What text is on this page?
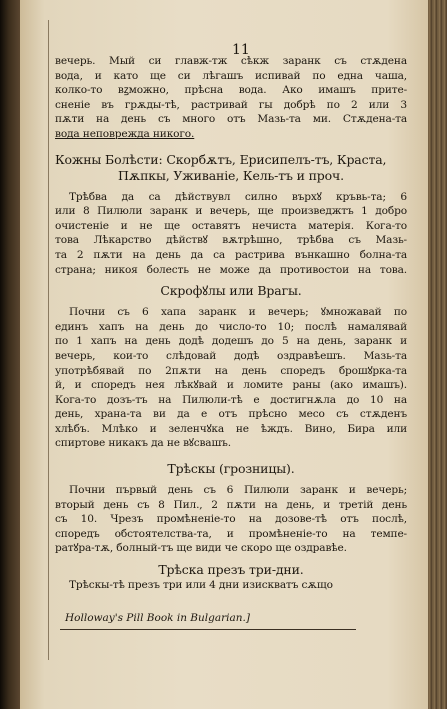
11
вечерь. Мый си главж-тж сѣкж заранк съ стѫдена
вода, и като ще си лѣгашъ испивай по една чаша,
колко-то вꙁможно, прѣсна вода. Ако имашъ прите-
сненіе въ грѫды-тѣ, растривай гы добрѣ по 2 или 3
пѫти на день съ много отъ Мазь-та ми. Стѫдена-та
вода неповрежда никого.
Кожны Болѣсти: Скорбѫтъ, Ерисипелъ-тъ, Краста,
Пѫпкы, Уживаніе, Кель-тъ и проч.
Трѣбва да са дѣйствувл силно върхꙋ кръвь-та; 6
или 8 Пилюли заранк и вечерь, ще произведжтъ 1 добро
очистеніе и не ще оставятъ нечиста матерія. Кога-то
това Лѣкарство дѣйствꙋ вѫтрѣшно, трѣбва съ Мазь-
та 2 пѫти на день да са растрива вънкашно болна-та
страна; никоя болесть не може да противостои на това.
Скрофꙋлы или Врагы.
Почни съ 6 хапа заранк и вечерь; ꙋмножавай по
единъ хапъ на день до число-то 10; послѣ намалявай
по 1 хапъ на день додѣ додешъ до 5 на день, заранк и
вечерь, кои-то слѣдовай додѣ оздравѣешъ. Мазь-та
употрѣбявай по 2пѫти на день споредъ брошꙋрка-та
й, и споредъ нея лѣкꙋвай и ломите раны (ако имашъ).
Кога-то дозъ-тъ на Пилюли-тѣ е достигнѫла до 10 на
день, храна-та ви да е отъ прѣсно месо съ стѫденъ
хлѣбъ. Млѣко и зеленчꙋка не ѣждъ. Вино, Бира или
спиртове никакъ да не вꙋсвашъ.
Трѣскы (грозницы).
Почни първый день съ 6 Пилюли заранк и вечерь;
вторый день съ 8 Пил., 2 пѫти на день, и третій день
съ 10. Чрезъ промѣненіе-то на дозове-тѣ отъ послѣ,
споредъ обстоятелства-та, и промѣненіе-то на темпе-
ратꙋра-тѫ, болный-тъ ще види че скоро ще оздравѣе.
Трѣска презъ три-дни.
Трѣскы-тѣ презъ три или 4 дни изискватъ сѫщо
Holloway's Pill Book in Bulgarian.]
